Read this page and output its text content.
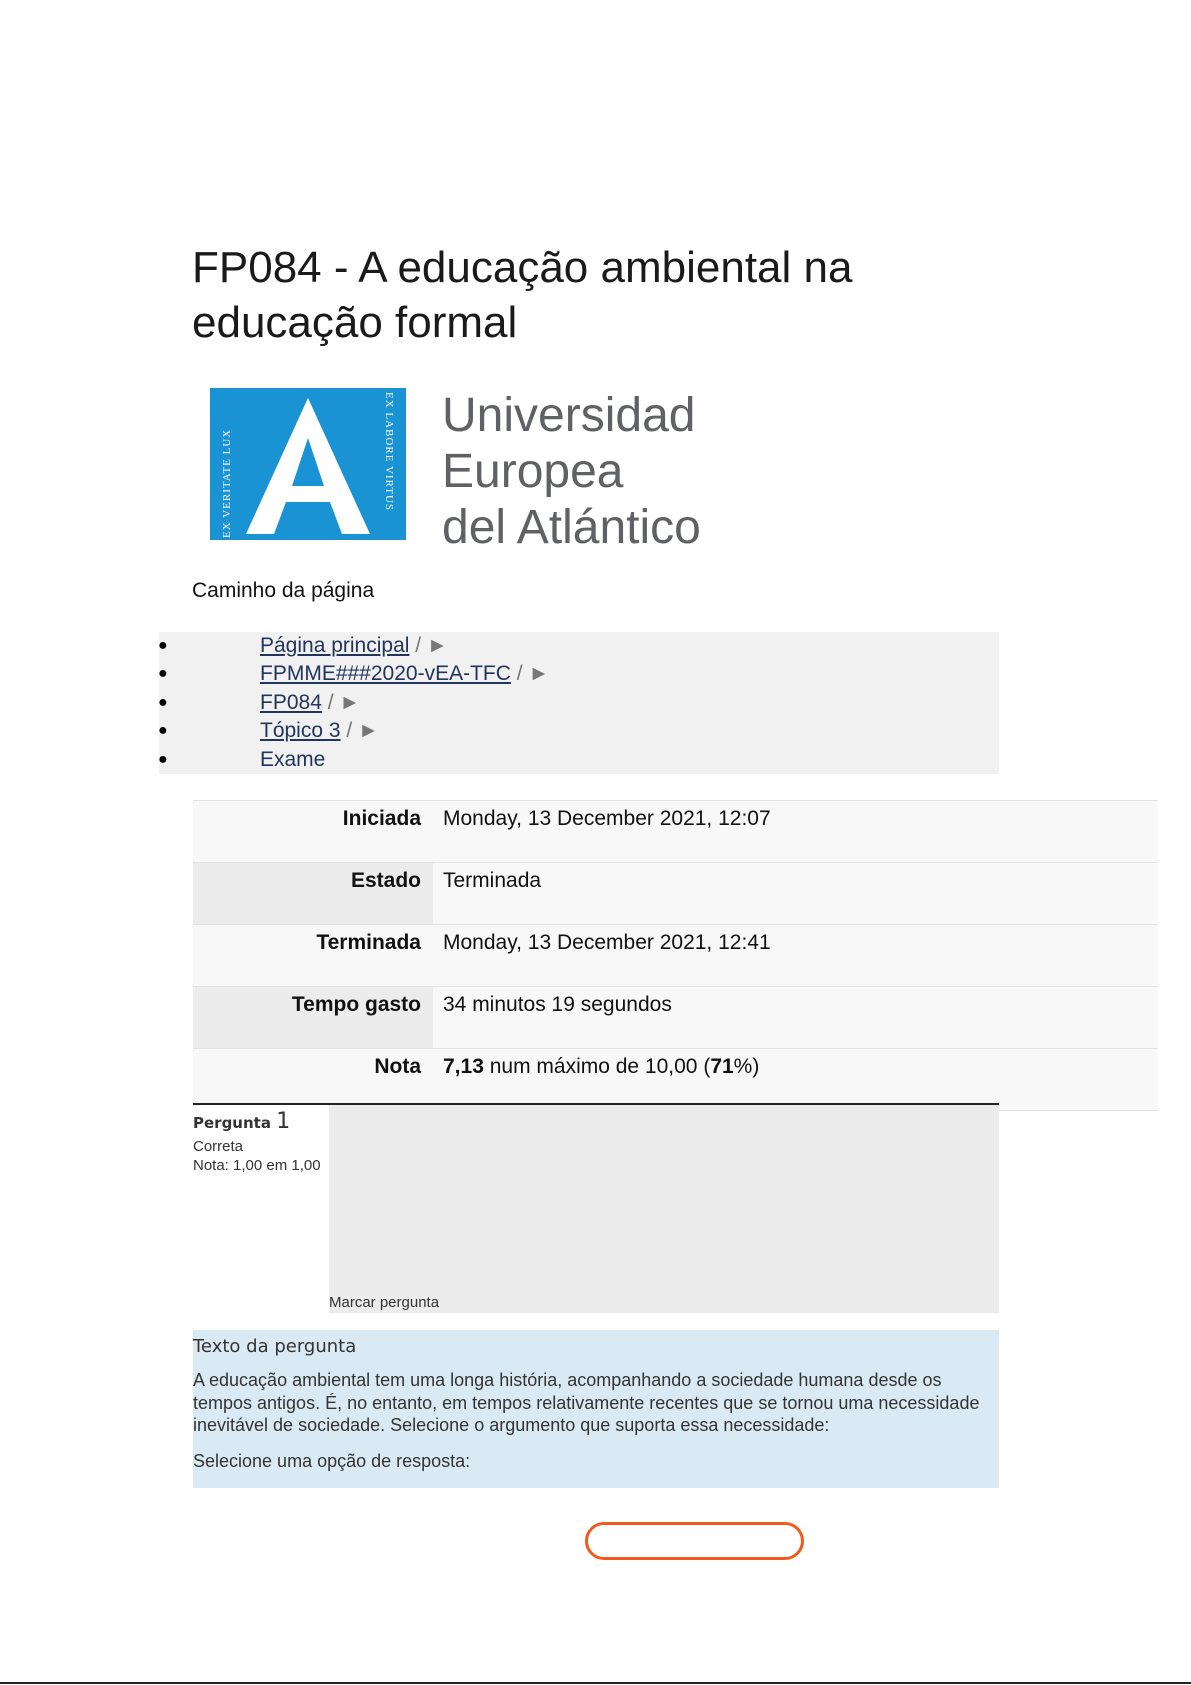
FP084 - A educação ambiental na educação formal
EX VERITATE LUX	EX LABORE VIRTUS Universidad
Europea
del Atlántico
Caminho da página
●	Página principal / ►
●	FPMME###2020-vEA-TFC / ►
●	FP084 / ►
●	Tópico 3 / ►
●	Exame
Iniciada	Monday, 13 December 2021, 12:07
Estado	Terminada
Terminada	Monday, 13 December 2021, 12:41
Tempo gasto	34 minutos 19 segundos
Nota	7,13 num máximo de 10,00 (71%)
Pergunta 1
Correta
Nota: 1,00 em 1,00
Marcar pergunta
Texto da pergunta
A educação ambiental tem uma longa história, acompanhando a sociedade humana desde os tempos antigos. É, no entanto, em tempos relativamente recentes que se tornou uma necessidade inevitável de sociedade. Selecione o argumento que suporta essa necessidade:
Selecione uma opção de resposta:
